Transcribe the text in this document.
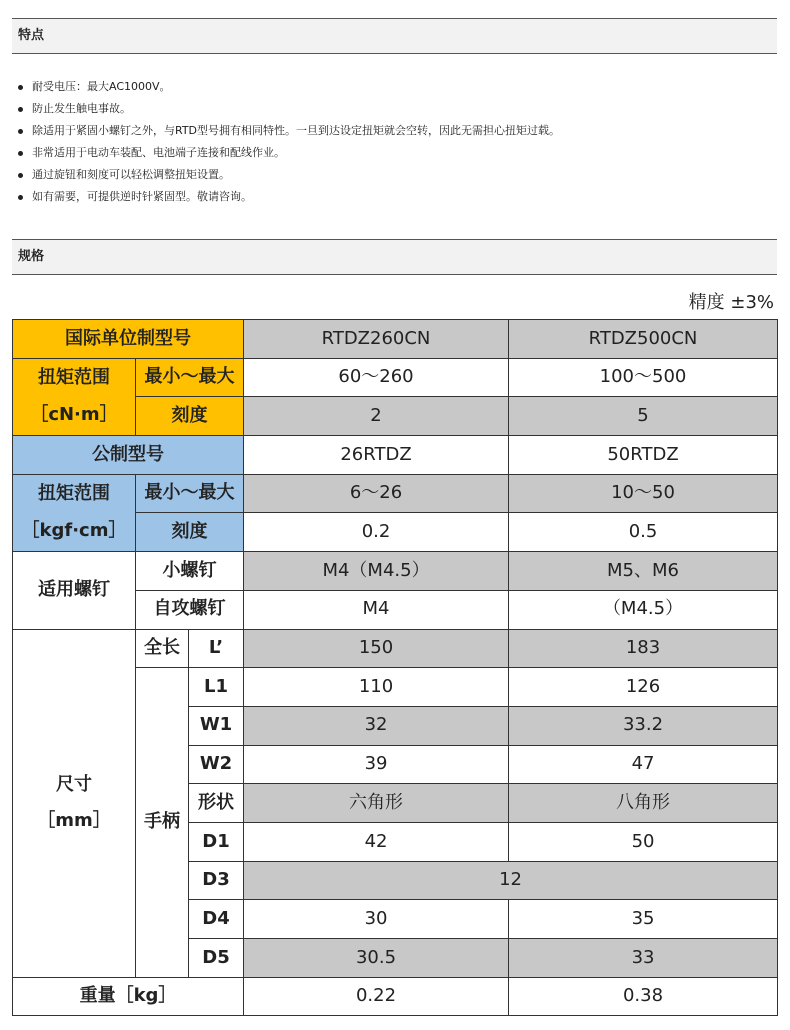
特点
耐受电压：最大AC1000V。
防止发生触电事故。
除适用于紧固小螺钉之外，与RTD型号拥有相同特性。一旦到达设定扭矩就会空转，因此无需担心扭矩过载。
非常适用于电动车装配、电池端子连接和配线作业。
通过旋钮和刻度可以轻松调整扭矩设置。
如有需要，可提供逆时针紧固型。敬请咨询。
规格
精度 ±3%
国际单位制型号			RTDZ260CN	RTDZ500CN

扭矩范围
［cN·m］	最小～最大		60～260	100～500
	刻度		2	5
公制型号			26RTDZ	50RTDZ

扭矩范围
［kgf·cm］	最小～最大		6～26	10～50
	刻度		0.2	0.5
适用螺钉	小螺钉		M4（M4.5）	M5、M6
	自攻螺钉		M4	（M4.5）

尺寸
［mm］	全长	L’	150	183
	手柄	L1	110	126
		W1	32	33.2
		W2	39	47
		形状	六角形	八角形
		D1	42	50
		D3	12	
		D4	30	35
		D5	30.5	33
重量［kg］			0.22	0.38
